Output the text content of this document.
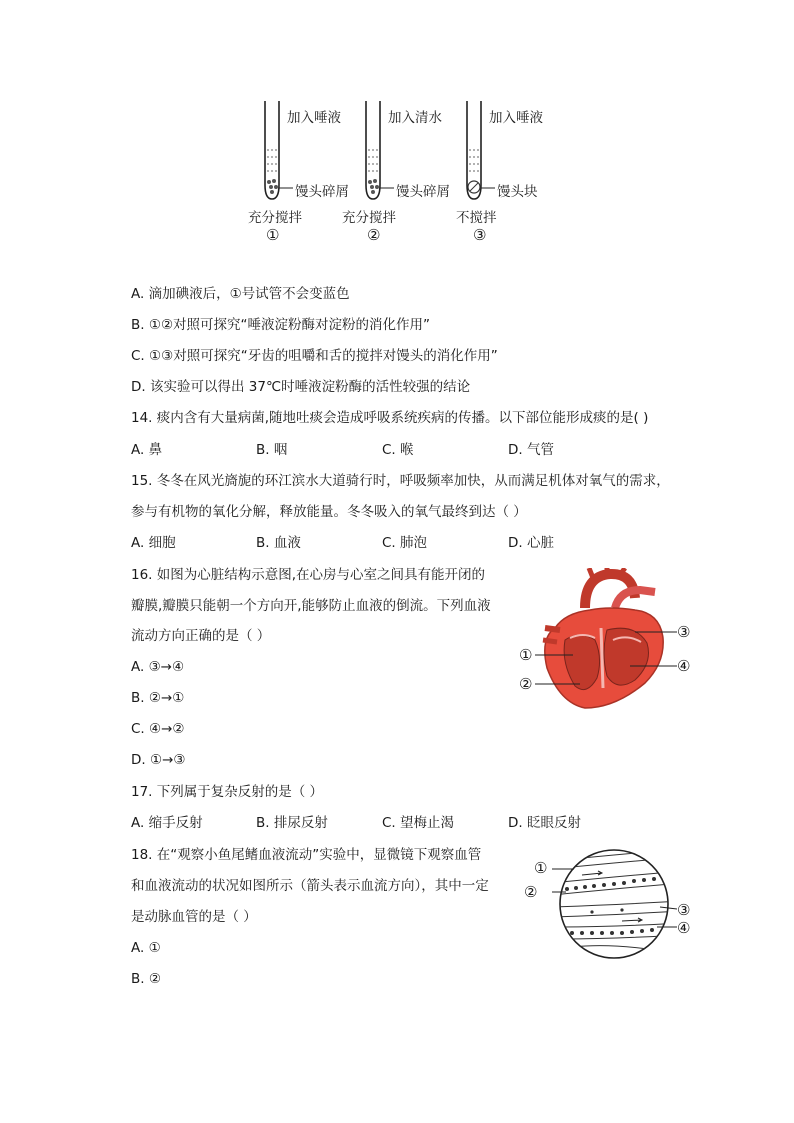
加入唾液	加入清水	加入唾液
馒头碎屑	馒头碎屑	馒头块
充分搅拌	充分搅拌	不搅拌
①	②	③
A. 滴加碘液后，①号试管不会变蓝色
B. ①②对照可探究“唾液淀粉酶对淀粉的消化作用”
C. ①③对照可探究“牙齿的咀嚼和舌的搅拌对馒头的消化作用”
D. 该实验可以得出 37℃时唾液淀粉酶的活性较强的结论
14. 痰内含有大量病菌,随地吐痰会造成呼吸系统疾病的传播。以下部位能形成痰的是( )
A. 鼻	B. 咽	C. 喉	D. 气管
15. 冬冬在风光旖旎的环江滨水大道骑行时，呼吸频率加快，从而满足机体对氧气的需求，
参与有机物的氧化分解，释放能量。冬冬吸入的氧气最终到达（ ）
A. 细胞	B. 血液	C. 肺泡	D. 心脏
16. 如图为心脏结构示意图,在心房与心室之间具有能开闭的
瓣膜,瓣膜只能朝一个方向开,能够防止血液的倒流。下列血液
流动方向正确的是（ ）
A. ③→④
B. ②→①
C. ④→②
D. ①→③
①
②
③
④
17. 下列属于复杂反射的是（ ）
A. 缩手反射	B. 排尿反射	C. 望梅止渴	D. 眨眼反射
18. 在“观察小鱼尾鳍血液流动”实验中，显微镜下观察血管
和血液流动的状况如图所示（箭头表示血流方向），其中一定
是动脉血管的是（ ）
A. ①
B. ②
①
②
③
④
